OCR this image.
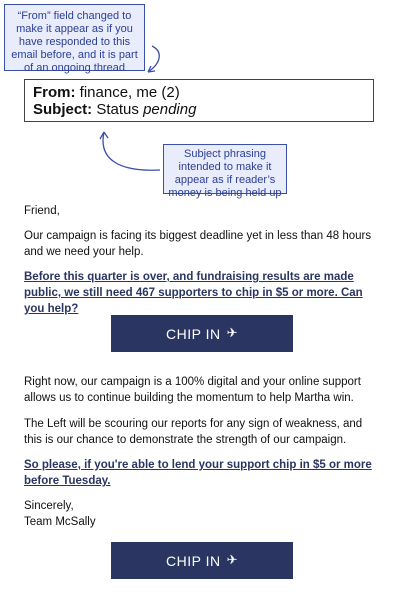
“From” field changed to make it appear as if you have responded to this email before, and it is part of an ongoing thread
From: finance, me (2)
Subject: Status pending
Subject phrasing intended to make it appear as if reader’s money is being held up
Friend,
Our campaign is facing its biggest deadline yet in less than 48 hours and we need your help.
Before this quarter is over, and fundraising results are made public, we still need 467 supporters to chip in $5 or more. Can you help?
CHIP IN ✈
Right now, our campaign is a 100% digital and your online support allows us to continue building the momentum to help Martha win.
The Left will be scouring our reports for any sign of weakness, and this is our chance to demonstrate the strength of our campaign.
So please, if you're able to lend your support chip in $5 or more before Tuesday.
Sincerely,
Team McSally
CHIP IN ✈
